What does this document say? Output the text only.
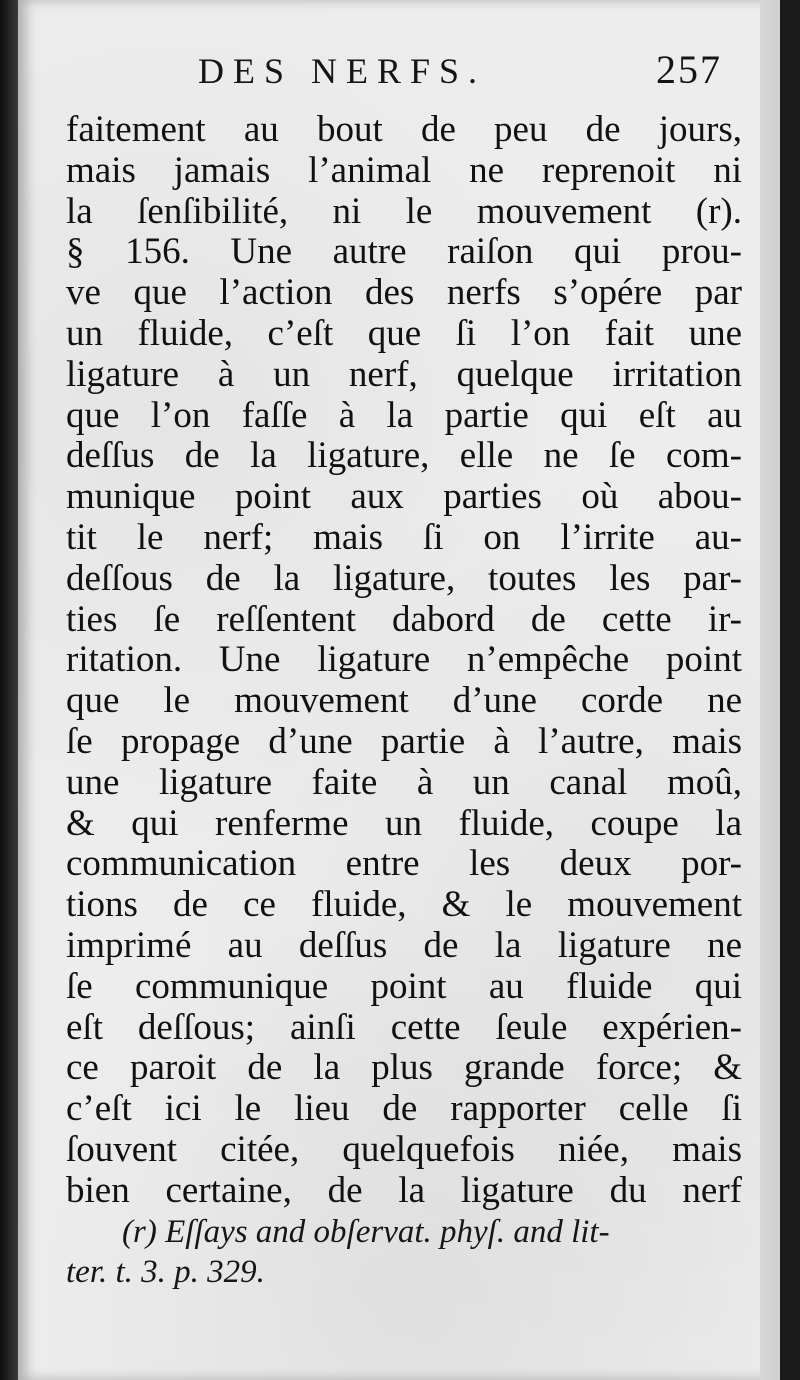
DES NERFS.	257
faitement au bout de peu de jours,
mais jamais l’animal ne reprenoit ni
la ſenſibilité, ni le mouvement (r).
§ 156. Une autre raiſon qui prou-
ve que l’action des nerfs s’opére par
un fluide, c’eſt que ſi l’on fait une
ligature à un nerf, quelque irritation
que l’on faſſe à la partie qui eſt au
deſſus de la ligature, elle ne ſe com-
munique point aux parties où abou-
tit le nerf; mais ſi on l’irrite au-
deſſous de la ligature, toutes les par-
ties ſe reſſentent dabord de cette ir-
ritation. Une ligature n’empêche point
que le mouvement d’une corde ne
ſe propage d’une partie à l’autre, mais
une ligature faite à un canal moû,
& qui renferme un fluide, coupe la
communication entre les deux por-
tions de ce fluide, & le mouvement
imprimé au deſſus de la ligature ne
ſe communique point au fluide qui
eſt deſſous; ainſi cette ſeule expérien-
ce paroit de la plus grande force; &
c’eſt ici le lieu de rapporter celle ſi
ſouvent citée, quelquefois niée, mais
bien certaine, de la ligature du nerf
(r) Eſſays and obſervat. phyſ. and lit-
ter. t. 3. p. 329.
